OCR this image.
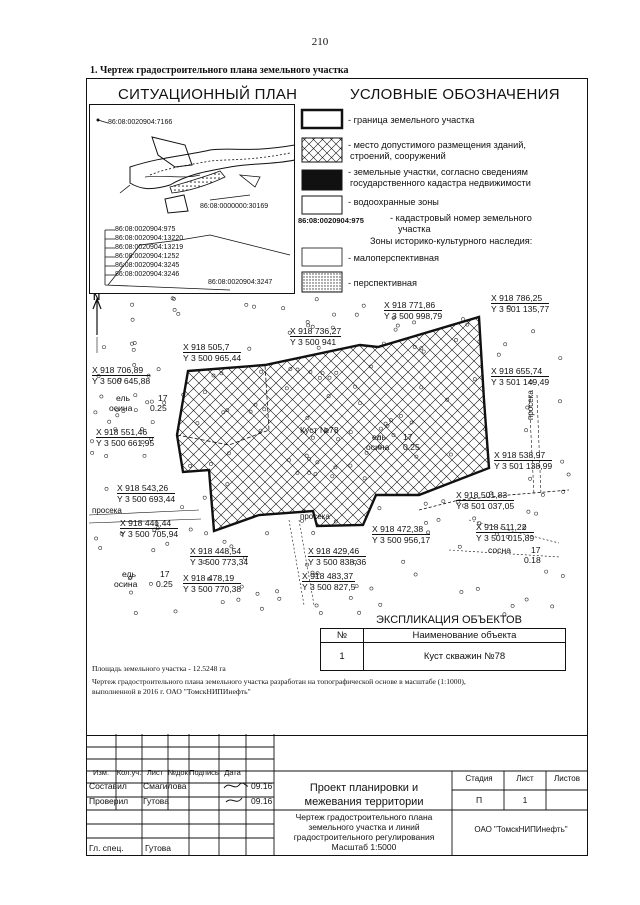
210
1. Чертеж градостроительного плана земельного участка
СИТУАЦИОННЫЙ ПЛАН
86:08:0020904:7166
86:08:0000000:30169
86:08:0020904:975
86:08:0020904:13220
86:08:0020904:13219
86:08:0020904:1252
86:08:0020904:3245
86:08:0020904:3246
86:08:0020904:3247
УСЛОВНЫЕ ОБОЗНАЧЕНИЯ
- граница земельного участка
- место допустимого размещения зданий,
строений, сооружений
- земельные участки, согласно сведениям
государственного кадастра недвижимости
- водоохранные зоны
86:08:0020904:975	- кадастровый номер земельного
участка
Зоны историко-культурного наследия:
- малоперспективная
- перспективная
N
X 918 771,86
Y 3 500 998,79
X 918 786,25
Y 3 501 135,77
X 918 736,27
Y 3 500 941
X 918 505,7
Y 3 500 965,44
X 918 706,89
Y 3 500 645,88
X 918 655,74
Y 3 501 149,49
X 918 551,46
Y 3 500 661,95
X 918 538,97
Y 3 501 138,99
X 918 543,26
Y 3 500 693,44	X 918 501,83
Y 3 501 037,05
X 918 441,44
Y 3 500 705,94
X 918 511,22
Y 3 501 015,89
X 918 472,38
Y 3 500 956,17
X 918 448,54
Y 3 500 773,34
X 918 429,46
Y 3 500 838,36
X 918 478,19
Y 3 500 770,38
X 918 483,37
Y 3 500 827,5
ель
осина
17
0.25
ель
осина
17
0.25
ель
осина
17
0.25
сосна 17
0.18
Куст №78
просека
просека
просека
ЭКСПЛИКАЦИЯ ОБЪЕКТОВ
№	Наименование объекта
1	Куст скважин №78
Площадь земельного участка - 12.5248 га
Чертеж градостроительного плана земельного участка разработан на топографической основе в масштабе (1:1000),
выполненной в 2016 г. ОАО "ТомскНИПИнефть"
Изм.	Кол.уч. Лист №док. Подпись Дата
Составил Смагилова	09.16
Проверил Гутова	09.16
Гл. спец.	Гутова
Проект планировки и
межевания территории
Стадия	Лист	Листов
П	1
Чертеж градостроительного плана
земельного участка и линий
градостроительного регулирования
Масштаб 1:5000
ОАО "ТомскНИПИнефть"
